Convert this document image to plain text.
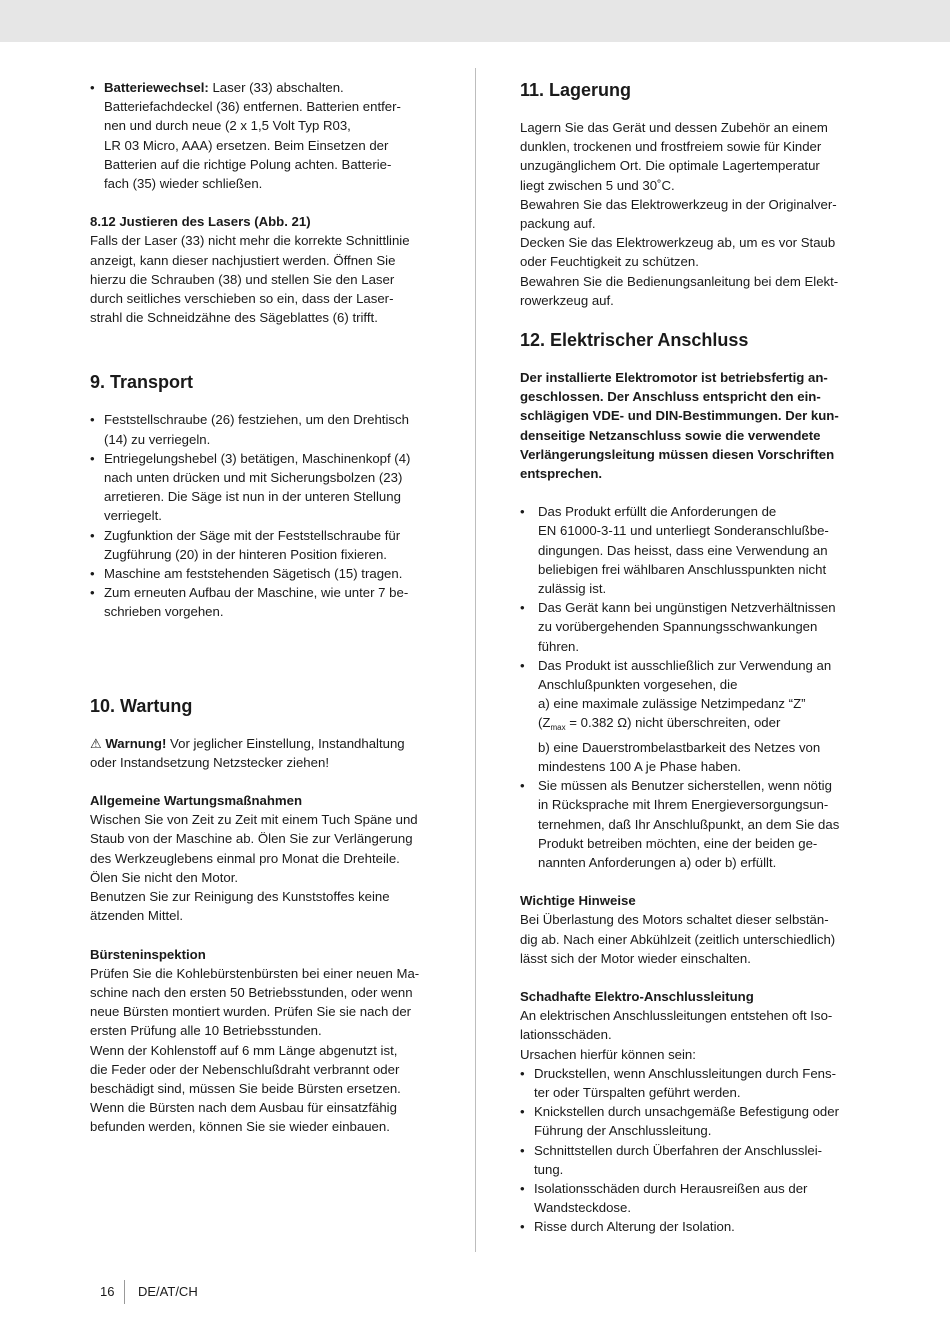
• Batteriewechsel: Laser (33) abschalten.
Batteriefachdeckel (36) entfernen. Batterien entfer-
nen und durch neue (2 x 1,5 Volt Typ R03,
LR 03 Micro, AAA) ersetzen. Beim Einsetzen der
Batterien auf die richtige Polung achten. Batterie-
fach (35) wieder schließen.

8.12 Justieren des Lasers (Abb. 21)

Falls der Laser (33) nicht mehr die korrekte Schnittlinie
anzeigt, kann dieser nachjustiert werden. Öffnen Sie
hierzu die Schrauben (38) und stellen Sie den Laser
durch seitliches verschieben so ein, dass der Laser-
strahl die Schneidzähne des Sägeblattes (6) trifft.

9. Transport
• Feststellschraube (26) festziehen, um den Drehtisch
(14) zu verriegeln.
• Entriegelungshebel (3) betätigen, Maschinenkopf (4)
nach unten drücken und mit Sicherungsbolzen (23)
arretieren. Die Säge ist nun in der unteren Stellung
verriegelt.
• Zugfunktion der Säge mit der Feststellschraube für
Zugführung (20) in der hinteren Position fixieren.
• Maschine am feststehenden Sägetisch (15) tragen.
• Zum erneuten Aufbau der Maschine, wie unter 7 be-
schrieben vorgehen.
10. Wartung

⚠ Warnung! Vor jeglicher Einstellung, Instandhaltung
oder Instandsetzung Netzstecker ziehen!

Allgemeine Wartungsmaßnahmen

Wischen Sie von Zeit zu Zeit mit einem Tuch Späne und
Staub von der Maschine ab. Ölen Sie zur Verlängerung
des Werkzeuglebens einmal pro Monat die Drehteile.
Ölen Sie nicht den Motor.
Benutzen Sie zur Reinigung des Kunststoffes keine
ätzenden Mittel.

Bürsteninspektion

Prüfen Sie die Kohlebürstenbürsten bei einer neuen Ma-
schine nach den ersten 50 Betriebsstunden, oder wenn
neue Bürsten montiert wurden. Prüfen Sie sie nach der
ersten Prüfung alle 10 Betriebsstunden.
Wenn der Kohlenstoff auf 6 mm Länge abgenutzt ist,
die Feder oder der Nebenschlußdraht verbrannt oder
beschädigt sind, müssen Sie beide Bürsten ersetzen.
Wenn die Bürsten nach dem Ausbau für einsatzfähig
befunden werden, können Sie sie wieder einbauen.

11. Lagerung

Lagern Sie das Gerät und dessen Zubehör an einem
dunklen, trockenen und frostfreiem sowie für Kinder
unzugänglichem Ort. Die optimale Lagertemperatur
liegt zwischen 5 und 30˚C.
Bewahren Sie das Elektrowerkzeug in der Originalver-
packung auf.
Decken Sie das Elektrowerkzeug ab, um es vor Staub
oder Feuchtigkeit zu schützen.
Bewahren Sie die Bedienungsanleitung bei dem Elekt-
rowerkzeug auf.

12. Elektrischer Anschluss

Der installierte Elektromotor ist betriebsfertig an-
geschlossen. Der Anschluss entspricht den ein-
schlägigen VDE- und DIN-Bestimmungen. Der kun-
denseitige Netzanschluss sowie die verwendete
Verlängerungsleitung müssen diesen Vorschriften
entsprechen.

• Das Produkt erfüllt die Anforderungen de
EN 61000-3-11 und unterliegt Sonderanschlußbe-
dingungen. Das heisst, dass eine Verwendung an
beliebigen frei wählbaren Anschlusspunkten nicht
zulässig ist.
• Das Gerät kann bei ungünstigen Netzverhältnissen
zu vorübergehenden Spannungsschwankungen
führen.
• Das Produkt ist ausschließlich zur Verwendung an
Anschlußpunkten vorgesehen, die
a) eine maximale zulässige Netzimpedanz “Z”
($Z_{max} = 0.382$ Ω) nicht überschreiten, oder
b) eine Dauerstrombelastbarkeit des Netzes von
mindestens 100 A je Phase haben.
• Sie müssen als Benutzer sicherstellen, wenn nötig
in Rücksprache mit Ihrem Energieversorgungsun-
ternehmen, daß Ihr Anschlußpunkt, an dem Sie das
Produkt betreiben möchten, eine der beiden ge-
nannten Anforderungen a) oder b) erfüllt.

Wichtige Hinweise

Bei Überlastung des Motors schaltet dieser selbstän-
dig ab. Nach einer Abkühlzeit (zeitlich unterschiedlich)
lässt sich der Motor wieder einschalten.

Schadhafte Elektro-Anschlussleitung

An elektrischen Anschlussleitungen entstehen oft Iso-
lationsschäden.
Ursachen hierfür können sein:

• Druckstellen, wenn Anschlussleitungen durch Fens-
ter oder Türspalten geführt werden.
• Knickstellen durch unsachgemäße Befestigung oder
Führung der Anschlussleitung.
• Schnittstellen durch Überfahren der Anschlusslei-
tung.
• Isolationsschäden durch Herausreißen aus der
Wandsteckdose.
• Risse durch Alterung der Isolation.
16 DE/AT/CH
